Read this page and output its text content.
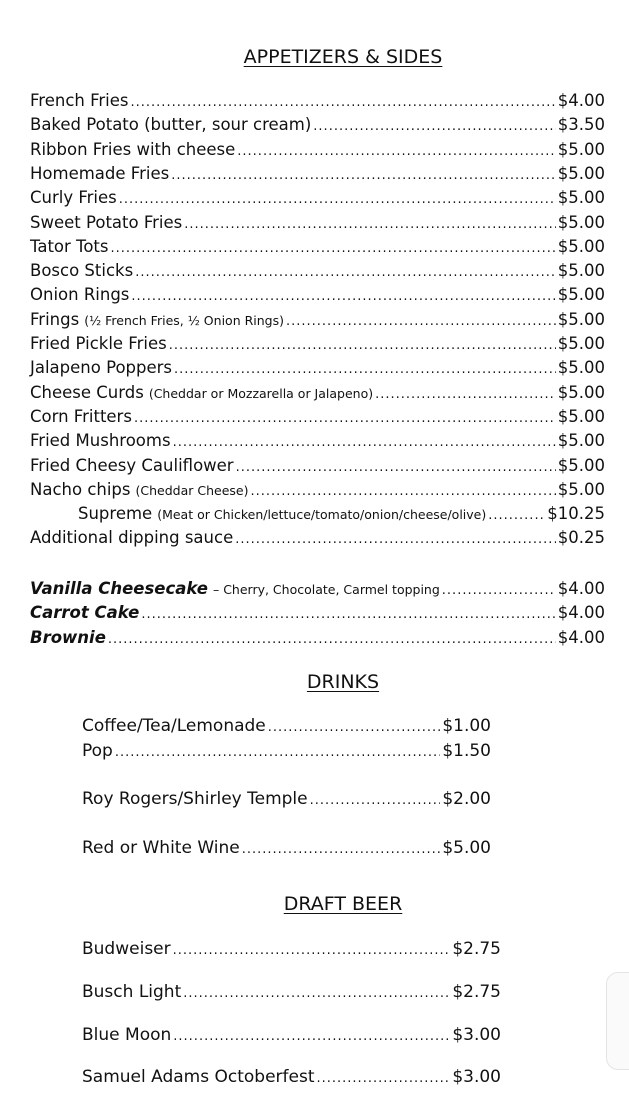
APPETIZERS & SIDES
French Fries .....	$4.00
Baked Potato (butter, sour cream) .....	$3.50
Ribbon Fries with cheese .....	$5.00
Homemade Fries .....	$5.00
Curly Fries .....	$5.00
Sweet Potato Fries .....	$5.00
Tator Tots .....	$5.00
Bosco Sticks .....	$5.00
Onion Rings .....	$5.00
Frings (½ French Fries, ½ Onion Rings) .....	$5.00
Fried Pickle Fries .....	$5.00
Jalapeno Poppers .....	$5.00
Cheese Curds (Cheddar or Mozzarella or Jalapeno) .....	$5.00
Corn Fritters .....	$5.00
Fried Mushrooms .....	$5.00
Fried Cheesy Cauliflower .....	$5.00
Nacho chips (Cheddar Cheese) .....	$5.00
Supreme (Meat or Chicken/lettuce/tomato/onion/cheese/olive) .....	$10.25
Additional dipping sauce .....	$0.25
Vanilla Cheesecake – Cherry, Chocolate, Carmel topping .....	$4.00
Carrot Cake .....	$4.00
Brownie .....	$4.00
DRINKS
Coffee/Tea/Lemonade .....	$1.00
Pop .....	$1.50
Roy Rogers/Shirley Temple .....	$2.00
Red or White Wine .....	$5.00
DRAFT BEER
Budweiser .....	$2.75
Busch Light .....	$2.75
Blue Moon .....	$3.00
Samuel Adams Octoberfest .....	$3.00
